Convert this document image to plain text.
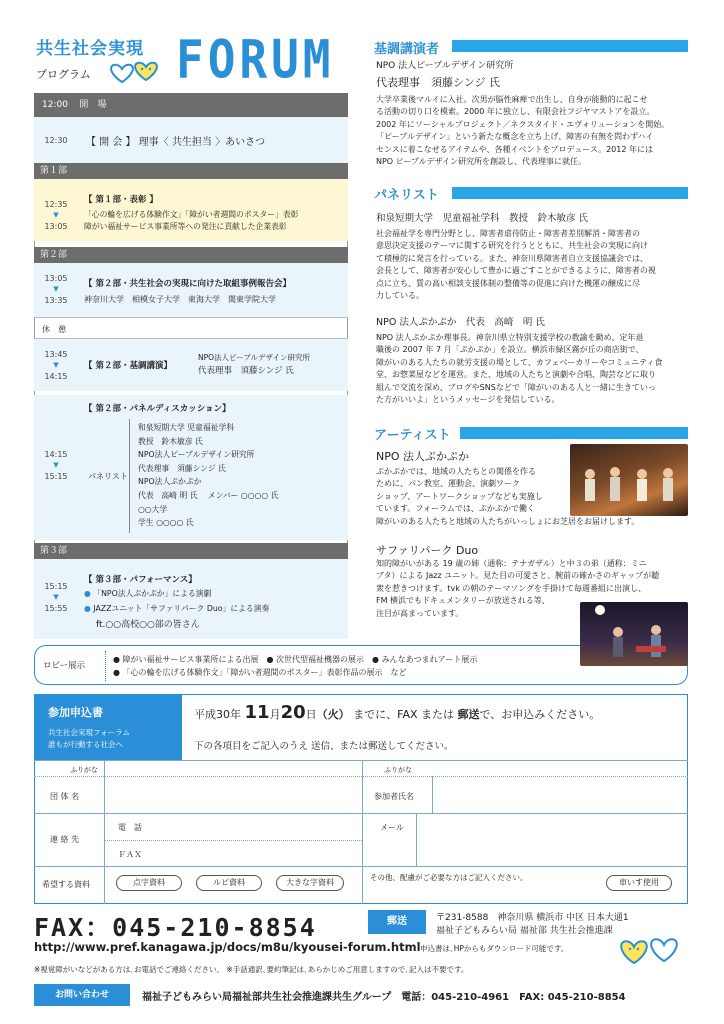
共生社会実現
プログラム FORUM
12:00 開　場
12:30 【 開 会 】 理事〈 共生担当 〉あいさつ
第１部
12:35
▼
13:05
【 第１部・表彰 】
「心の輪を広げる体験作文」「障がい者週間のポスター」表彰
障がい福祉サービス事業所等への発注に貢献した企業表彰
第２部
13:05
▼
13:35
【 第２部・共生社会の実現に向けた取組事例報告会】
神奈川大学　相模女子大学　東海大学　関東学院大学
休　憩
13:45
▼
14:15
【 第２部・基調講演】
NPO法人ピープルデザイン研究所
代表理事　須藤シンジ 氏
14:15
▼
15:15
【 第２部・パネルディスカッション】
パネリスト
和泉短期大学 児童福祉学科
教授　鈴木敏彦 氏
NPO法人ピープルデザイン研究所
代表理事　須藤シンジ 氏
NPO法人ぷかぷか
代表　高崎 明 氏　 メンバー ○○○○ 氏
○○大学
学生 ○○○○ 氏
第３部
15:15
▼
15:55
【 第３部・パフォーマンス】
● 「NPO法人ぷかぷか」による演劇
● JAZZユニット「サファリパーク Duo」による演奏
ft.○○高校○○部の皆さん
ロビー展示
● 障がい福祉サービス事業所による出展　● 次世代型福祉機器の展示　● みんなあつまれアート展示
● 「心の輪を広げる体験作文」「障がい者週間のポスター」表彰作品の展示　など
基調講演者
NPO 法人ピープルデザイン研究所
代表理事　須藤シンジ 氏
大学卒業後マルイに入社。次男が脳性麻痺で出生し、自身が能動的に起こせ
る活動の切り口を模索。2000 年に独立し、有限会社フジヤマストアを設立。
2002 年にソーシャルプロジェクト／ネクスタイド・エヴォリューションを開始。
「ピープルデザイン」という新たな概念を立ち上げ、障害の有無を問わずハイ
センスに着こなせるアイテムや、各種イベントをプロデュース。2012 年には
NPO ピープルデザイン研究所を創設し、代表理事に就任。
パネリスト
和泉短期大学　児童福祉学科　教授　鈴木敏彦 氏
社会福祉学を専門分野とし、障害者虐待防止・障害者差別解消・障害者の
意思決定支援のテーマに関する研究を行うとともに、共生社会の実現に向け
て積極的に発言を行っている。また、神奈川県障害者自立支援協議会では、
会長として、障害者が安心して豊かに過ごすことができるように、障害者の視
点に立ち、質の高い相談支援体制の整備等の促進に向けた機運の醸成に尽
力している。
NPO 法人ぷかぷか　代表　高崎　明 氏
NPO 法人ぷかぷか理事長。神奈川県立特別支援学校の教諭を勤め、定年退
職後の 2007 年 7 月「ぷかぷか」を設立。横浜市緑区霧が丘の商店街で、
障がいのある人たちの就労支援の場として、カフェベーカリーやコミュニティ食
堂、お惣菜屋などを運営。また、地域の人たちと演劇や合唱、陶芸などに取り
組んで交流を深め、ブログやSNSなどで「障がいのある人と一緒に生きていっ
た方がいいよ」というメッセージを発信している。
アーティスト
NPO 法人ぷかぷか
ぷかぷかでは、地域の人たちとの関係を作る
ために、パン教室、運動会、演劇ワーク
ショップ、アートワークショップなども実施し
ています。フォーラムでは、ぷかぷかで働く
障がいのある人たちと地域の人たちがいっしょにお芝居をお届けします。
サファリパーク Duo
知的障がいがある 19 歳の姉（通称：テナガザル）と中３の弟（通称：ミニ
ブタ）による Jazz ユニット。見た目の可愛さと、腕前の確かさのギャップが聴
衆を惹きつけます。tvk の朝のテーマソングを手掛けて毎週番組に出演し、
FM 横浜でもドキュメンタリーが放送される等、
注目が高まっています。
参加申込書
共生社会実現フォーラム
誰もが行動する社会へ
平成30年 11月20日（火） までに、FAX または 郵送で、お申込みください。
下の各項目をご記入のうえ 送信、または郵送してください。
ふりがな	ふりがな
団 体 名	参加者氏名
連 絡 先
電　話	メール
ＦＡＸ
希望する資料	点字資料	ルビ資料	大きな字資料
その他、配慮がご必要な方はご記入ください。
車いす使用
FAX：045-210-8854	郵送	〒231-8588　神奈川県 横浜市 中区 日本大通1
福祉子どもみらい局 福祉部 共生社会推進課
http://www.pref.kanagawa.jp/docs/m8u/kyousei-forum.html 申込書は､HPからもダウンロード可能です。
※視覚障がいなどがある方は､お電話でご連絡ください。 ※手話通訳､要約筆記は､あらかじめご用意しますので､記入は不要です。
お問い合わせ	福祉子どもみらい局福祉部共生社会推進課共生グループ　電話：045-210-4961　FAX: 045-210-8854
